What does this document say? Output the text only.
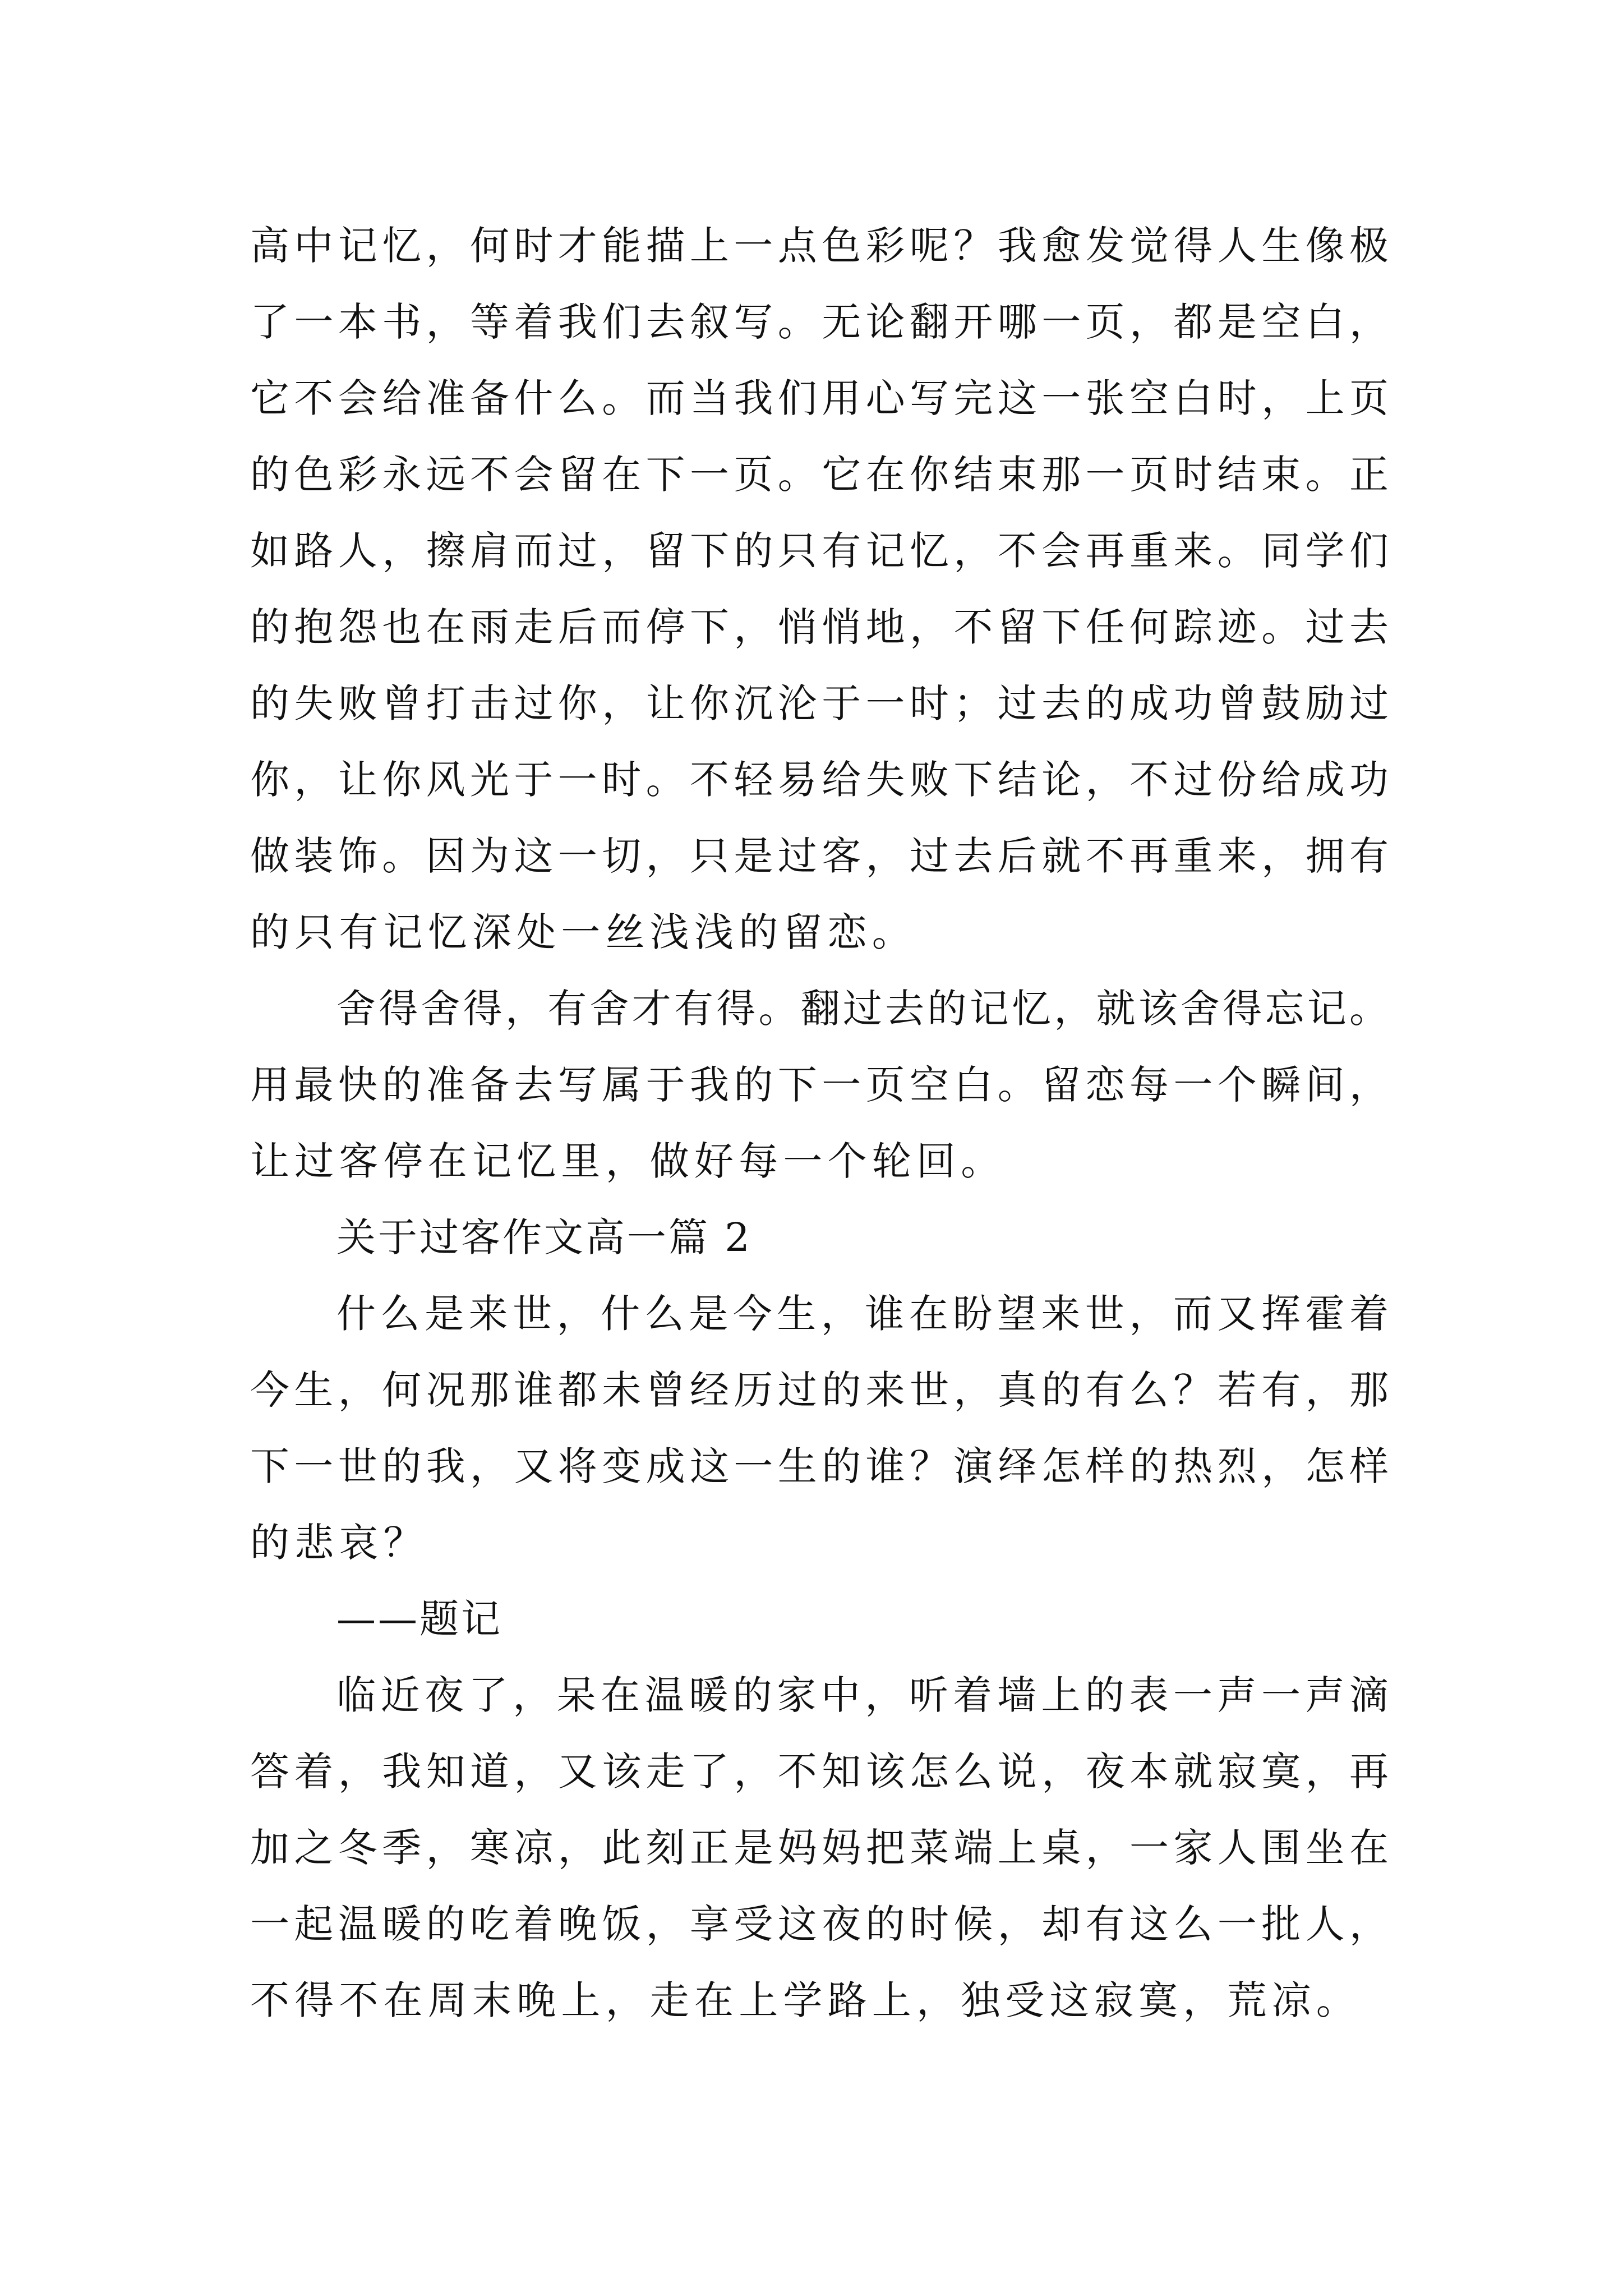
高中记忆，何时才能描上一点色彩呢？我愈发觉得人生像极
了一本书，等着我们去叙写。无论翻开哪一页，都是空白，
它不会给准备什么。而当我们用心写完这一张空白时，上页
的色彩永远不会留在下一页。它在你结束那一页时结束。正
如路人，擦肩而过，留下的只有记忆，不会再重来。同学们
的抱怨也在雨走后而停下，悄悄地，不留下任何踪迹。过去
的失败曾打击过你，让你沉沦于一时；过去的成功曾鼓励过
你，让你风光于一时。不轻易给失败下结论，不过份给成功
做装饰。因为这一切，只是过客，过去后就不再重来，拥有
的只有记忆深处一丝浅浅的留恋。
舍得舍得，有舍才有得。翻过去的记忆，就该舍得忘记。
用最快的准备去写属于我的下一页空白。留恋每一个瞬间，
让过客停在记忆里，做好每一个轮回。
关于过客作文高一篇 2
什么是来世，什么是今生，谁在盼望来世，而又挥霍着
今生，何况那谁都未曾经历过的来世，真的有么？若有，那
下一世的我，又将变成这一生的谁？演绎怎样的热烈，怎样
的悲哀？
——题记
临近夜了，呆在温暖的家中，听着墙上的表一声一声滴
答着，我知道，又该走了，不知该怎么说，夜本就寂寞，再
加之冬季，寒凉，此刻正是妈妈把菜端上桌，一家人围坐在
一起温暖的吃着晚饭，享受这夜的时候，却有这么一批人，
不得不在周末晚上，走在上学路上，独受这寂寞，荒凉。
